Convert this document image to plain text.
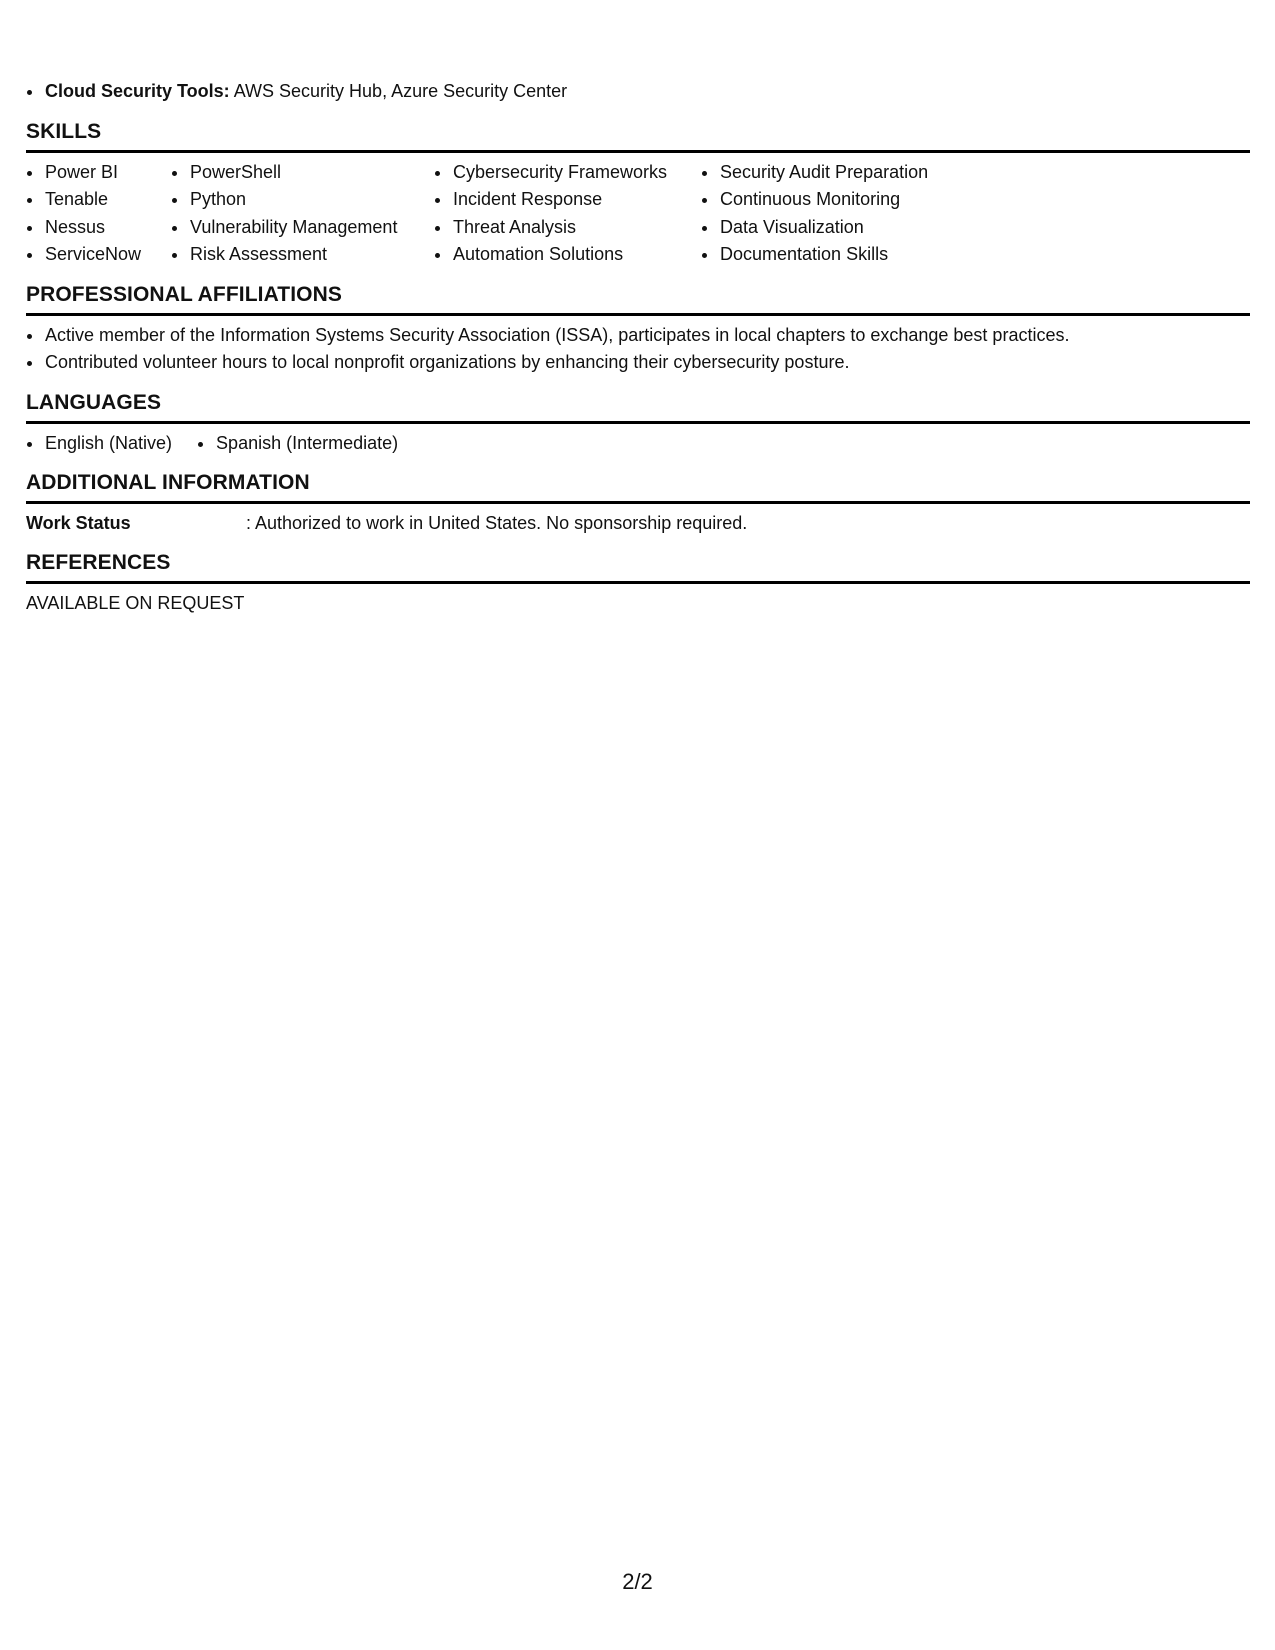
Cloud Security Tools: AWS Security Hub, Azure Security Center
SKILLS
Power BI
Tenable
Nessus
ServiceNow
PowerShell
Python
Vulnerability Management
Risk Assessment
Cybersecurity Frameworks
Incident Response
Threat Analysis
Automation Solutions
Security Audit Preparation
Continuous Monitoring
Data Visualization
Documentation Skills
PROFESSIONAL AFFILIATIONS
Active member of the Information Systems Security Association (ISSA), participates in local chapters to exchange best practices.
Contributed volunteer hours to local nonprofit organizations by enhancing their cybersecurity posture.
LANGUAGES
English (Native)	Spanish (Intermediate)
ADDITIONAL INFORMATION
Work Status	: Authorized to work in United States. No sponsorship required.
REFERENCES
AVAILABLE ON REQUEST
2/2
